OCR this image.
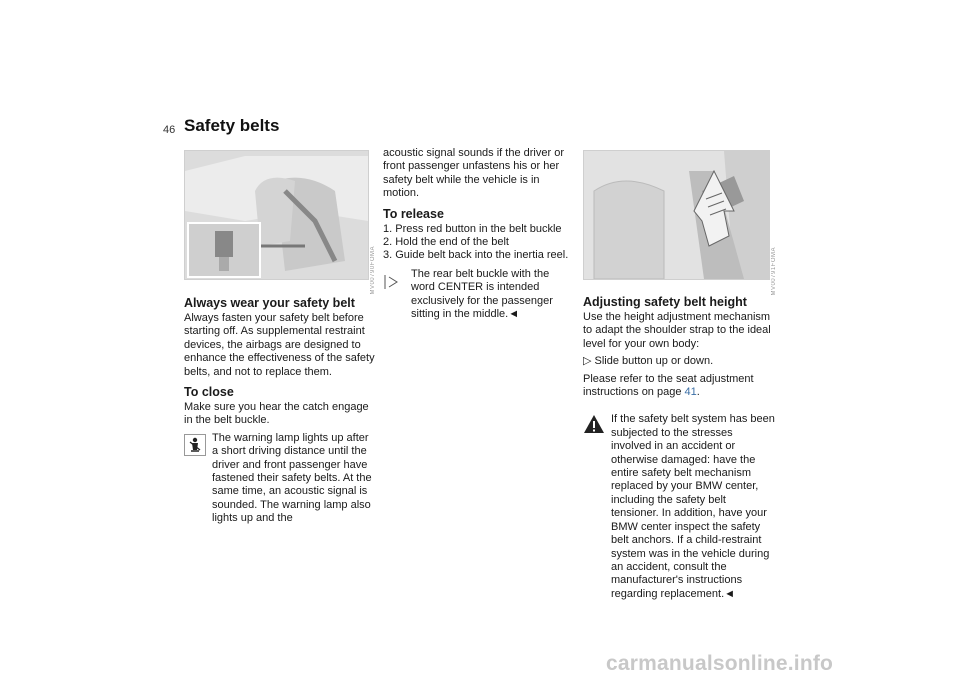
46 Safety belts
MV00790FOMA
Always wear your safety belt

Always fasten your safety belt before starting off. As supplemental restraint devices, the airbags are designed to enhance the effectiveness of the safety belts, and not to replace them.

To close

Make sure you hear the catch engage in the belt buckle.

The warning lamp lights up after a short driving distance until the driver and front passenger have fastened their safety belts. At the same time, an acoustic signal is sounded. The warning lamp also lights up and the

acoustic signal sounds if the driver or front passenger unfastens his or her safety belt while the vehicle is in motion.

To release
1. Press red button in the belt buckle
2. Hold the end of the belt
3. Guide belt back into the inertia reel.

The rear belt buckle with the word CENTER is intended exclusively for the passenger sitting in the middle.◄

MV00791FOMA
Adjusting safety belt height

Use the height adjustment mechanism to adapt the shoulder strap to the ideal level for your own body:

▷ Slide button up or down.

Please refer to the seat adjustment instructions on page 41.

If the safety belt system has been subjected to the stresses involved in an accident or otherwise damaged: have the entire safety belt mechanism replaced by your BMW center, including the safety belt tensioner. In addition, have your BMW center inspect the safety belt anchors. If a child-restraint system was in the vehicle during an accident, consult the manufacturer's instructions regarding replacement.◄

carmanualsonline.info
